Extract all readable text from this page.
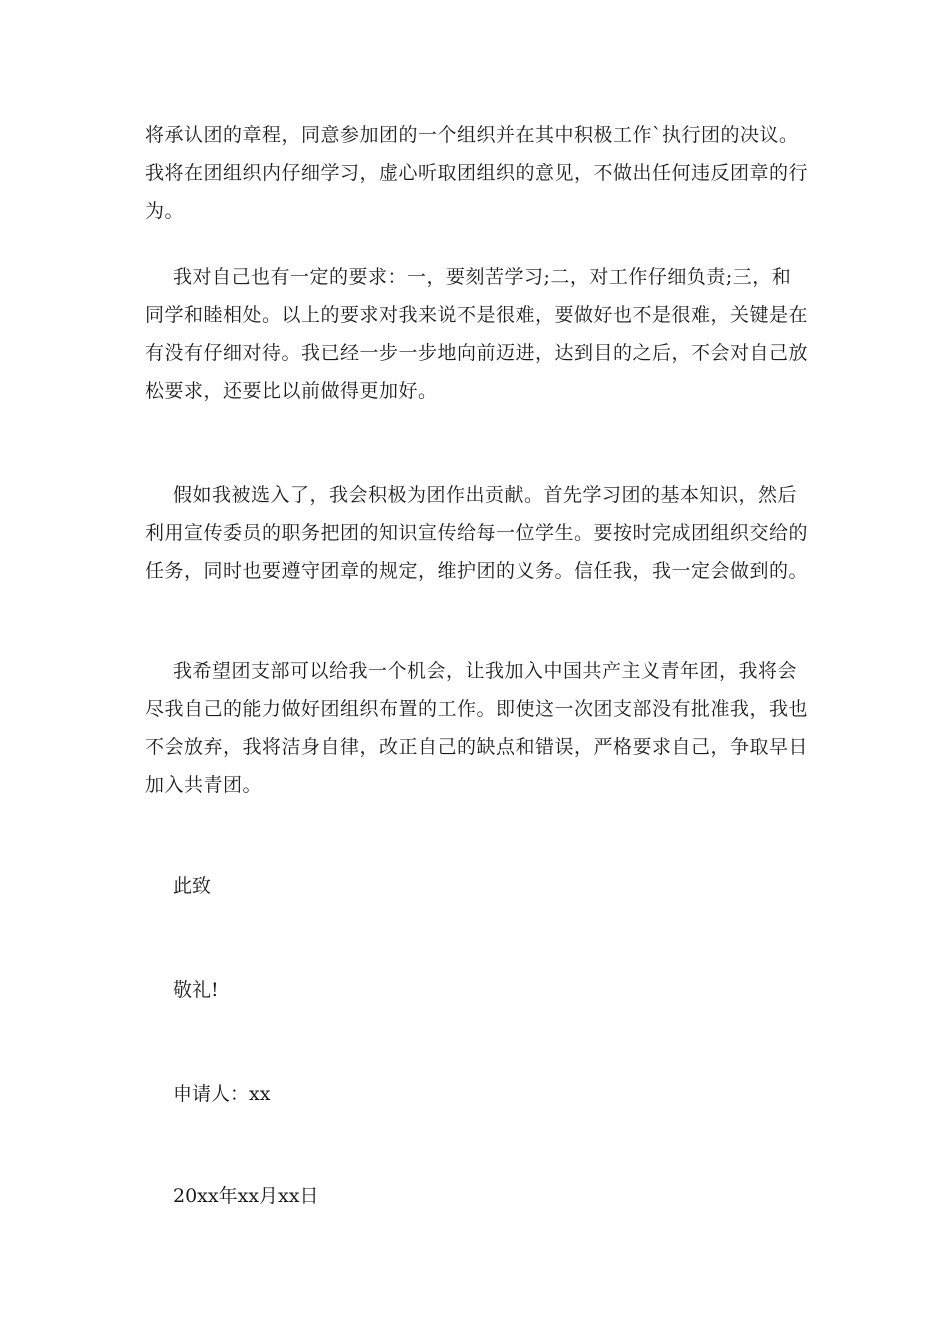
将承认团的章程，同意参加团的一个组织并在其中积极工作`执行团的决议。我将在团组织内仔细学习，虚心听取团组织的意见，不做出任何违反团章的行为。

我对自己也有一定的要求：一，要刻苦学习;二，对工作仔细负责;三，和同学和睦相处。以上的要求对我来说不是很难，要做好也不是很难，关键是在有没有仔细对待。我已经一步一步地向前迈进，达到目的之后，不会对自己放松要求，还要比以前做得更加好。

假如我被选入了，我会积极为团作出贡献。首先学习团的基本知识，然后利用宣传委员的职务把团的知识宣传给每一位学生。要按时完成团组织交给的任务，同时也要遵守团章的规定，维护团的义务。信任我，我一定会做到的。

我希望团支部可以给我一个机会，让我加入中国共产主义青年团，我将会尽我自己的能力做好团组织布置的工作。即使这一次团支部没有批准我，我也不会放弃，我将洁身自律，改正自己的缺点和错误，严格要求自己，争取早日加入共青团。

此致

敬礼!

申请人：xx

20xx年xx月xx日
